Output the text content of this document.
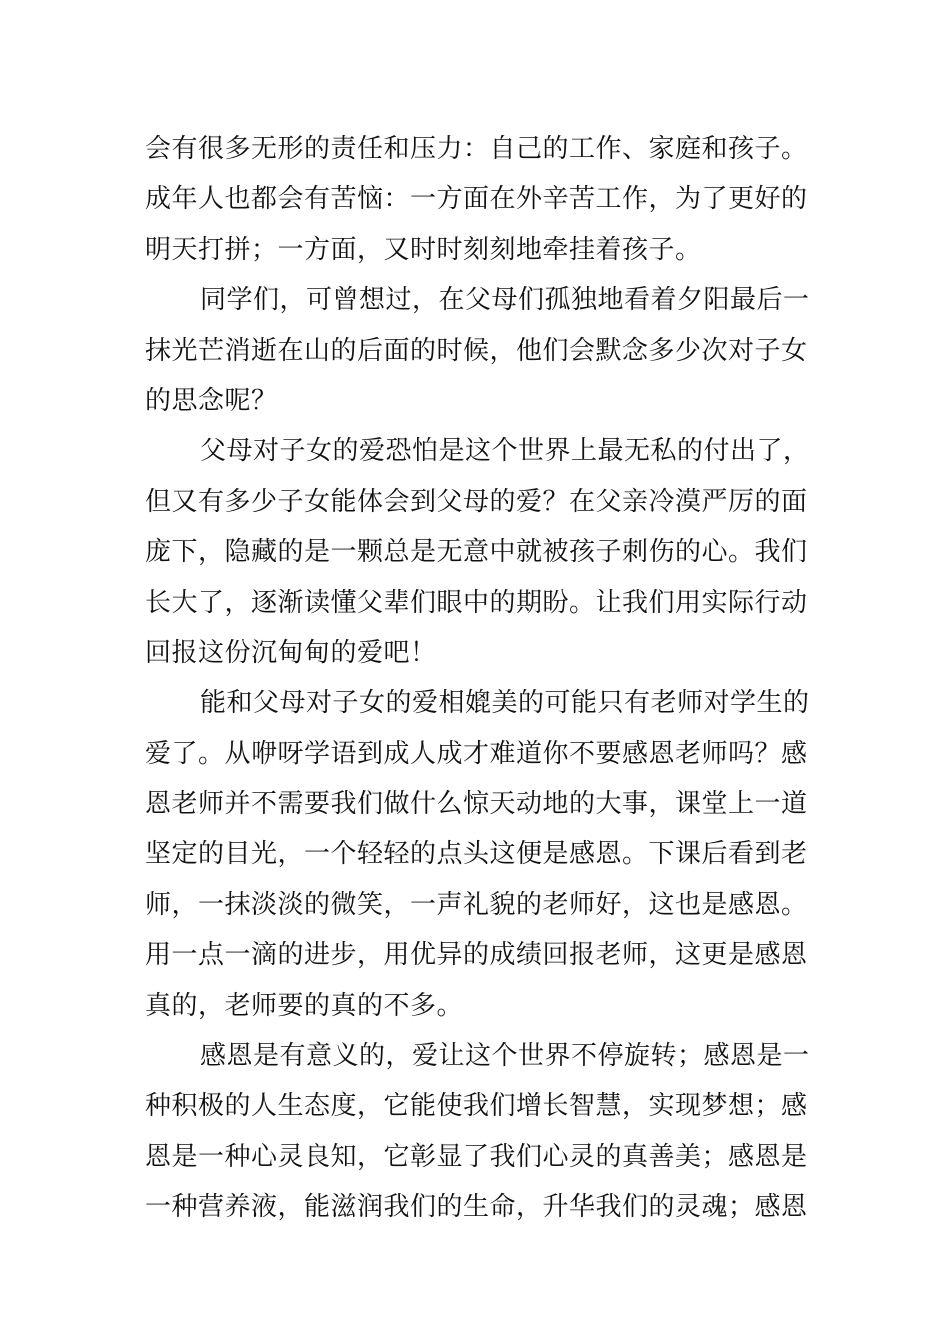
会有很多无形的责任和压力：自己的工作、家庭和孩子。
成年人也都会有苦恼：一方面在外辛苦工作，为了更好的
明天打拼；一方面，又时时刻刻地牵挂着孩子。
同学们，可曾想过，在父母们孤独地看着夕阳最后一
抹光芒消逝在山的后面的时候，他们会默念多少次对子女
的思念呢？
父母对子女的爱恐怕是这个世界上最无私的付出了，
但又有多少子女能体会到父母的爱？在父亲冷漠严厉的面
庞下，隐藏的是一颗总是无意中就被孩子刺伤的心。我们
长大了，逐渐读懂父辈们眼中的期盼。让我们用实际行动
回报这份沉甸甸的爱吧！
能和父母对子女的爱相媲美的可能只有老师对学生的
爱了。从咿呀学语到成人成才难道你不要感恩老师吗？感
恩老师并不需要我们做什么惊天动地的大事，课堂上一道
坚定的目光，一个轻轻的点头这便是感恩。下课后看到老
师，一抹淡淡的微笑，一声礼貌的老师好，这也是感恩。
用一点一滴的进步，用优异的成绩回报老师，这更是感恩
真的，老师要的真的不多。
感恩是有意义的，爱让这个世界不停旋转；感恩是一
种积极的人生态度，它能使我们增长智慧，实现梦想；感
恩是一种心灵良知，它彰显了我们心灵的真善美；感恩是
一种营养液，能滋润我们的生命，升华我们的灵魂；感恩
